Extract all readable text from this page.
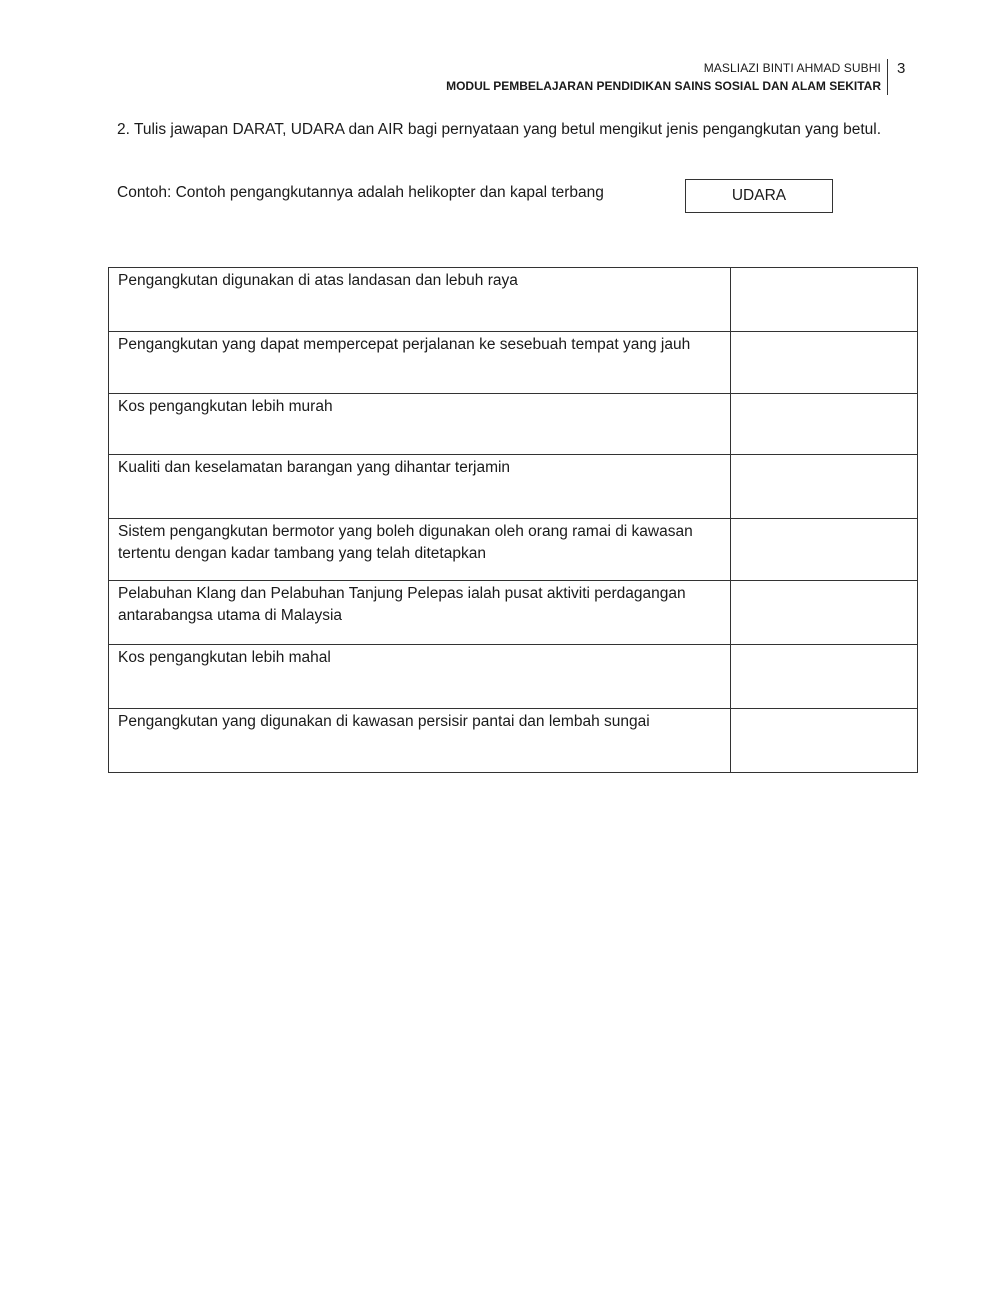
MASLIAZI BINTI AHMAD SUBHI
MODUL PEMBELAJARAN PENDIDIKAN SAINS SOSIAL DAN ALAM SEKITAR
3
2. Tulis jawapan DARAT, UDARA dan AIR bagi pernyataan yang betul mengikut jenis pengangkutan yang betul.
Contoh: Contoh pengangkutannya adalah helikopter dan kapal terbang	UDARA
Pengangkutan digunakan di atas landasan dan lebuh raya	
Pengangkutan yang dapat mempercepat perjalanan ke sesebuah tempat yang jauh	
Kos pengangkutan lebih murah	
Kualiti dan keselamatan barangan yang dihantar terjamin	
Sistem pengangkutan bermotor yang boleh digunakan oleh orang ramai di kawasan tertentu dengan kadar tambang yang telah ditetapkan	
Pelabuhan Klang dan Pelabuhan Tanjung Pelepas ialah pusat aktiviti perdagangan antarabangsa utama di Malaysia	
Kos pengangkutan lebih mahal	
Pengangkutan yang digunakan di kawasan persisir pantai dan lembah sungai	
